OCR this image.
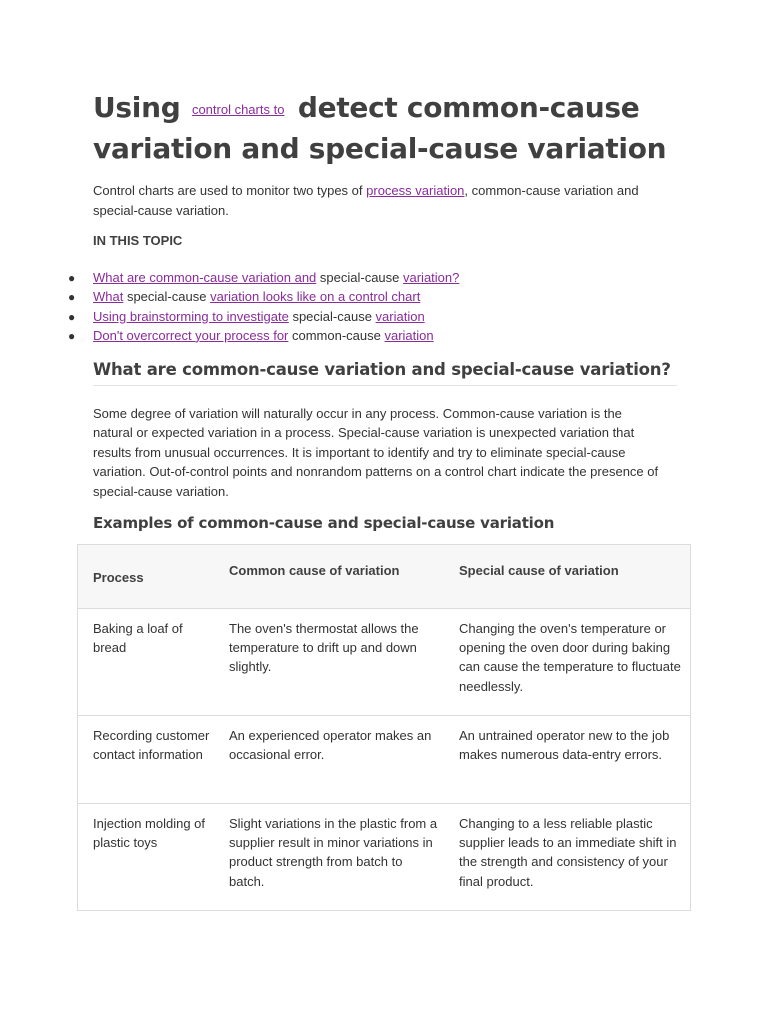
Using control charts to detect common-cause variation and special-cause variation

Control charts are used to monitor two types of process variation, common-cause variation and special-cause variation.

IN THIS TOPIC
● What are common-cause variation and special-cause variation?
● What special-cause variation looks like on a control chart
● Using brainstorming to investigate special-cause variation
● Don't overcorrect your process for common-cause variation
What are common-cause variation and special-cause variation?

Some degree of variation will naturally occur in any process. Common-cause variation is the natural or expected variation in a process. Special-cause variation is unexpected variation that results from unusual occurrences. It is important to identify and try to eliminate special-cause variation. Out-of-control points and nonrandom patterns on a control chart indicate the presence of special-cause variation.

Examples of common-cause and special-cause variation
Process	Common cause of variation	Special cause of variation
Baking a loaf of bread
The oven's thermostat allows the temperature to drift up and down slightly.
Changing the oven's temperature or opening the oven door during baking can cause the temperature to fluctuate needlessly.
Recording customer contact information
An experienced operator makes an occasional error.
An untrained operator new to the job makes numerous data-entry errors.
Injection molding of plastic toys
Slight variations in the plastic from a supplier result in minor variations in product strength from batch to batch.
Changing to a less reliable plastic supplier leads to an immediate shift in the strength and consistency of your final product.
